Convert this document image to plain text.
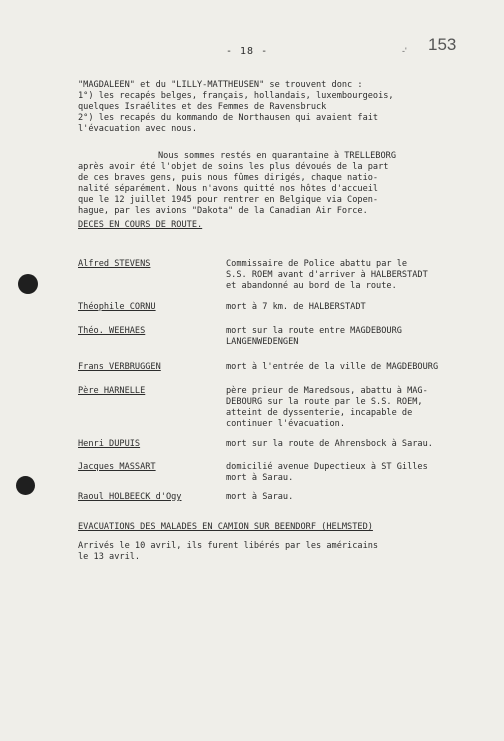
- 18 -	-' 153
"MAGDALEEN" et du "LILLY-MATTHEUSEN" se trouvent donc :
1°) les recapés belges, français, hollandais, luxembourgeois,
quelques Israélites et des Femmes de Ravensbruck
2°) les recapés du kommando de Northausen qui avaient fait
l'évacuation avec nous.
Nous sommes restés en quarantaine à TRELLEBORG
après avoir été l'objet de soins les plus dévoués de la part
de ces braves gens, puis nous fûmes dirigés, chaque natio-
nalité séparément. Nous n'avons quitté nos hôtes d'accueil
que le 12 juillet 1945 pour rentrer en Belgique via Copen-
hague, par les avions "Dakota" de la Canadian Air Force.
DECES EN COURS DE ROUTE.
Alfred STEVENS	Commissaire de Police abattu par le
S.S. ROEM avant d'arriver à HALBERSTADT
et abandonné au bord de la route.
Théophile CORNU	mort à 7 km. de HALBERSTADT
Théo. WEEHAES	mort sur la route entre MAGDEBOURG
LANGENWEDENGEN
Frans VERBRUGGEN	mort à l'entrée de la ville de MAGDEBOURG
Père HARNELLE	père prieur de Maredsous, abattu à MAG-
DEBOURG sur la route par le S.S. ROEM,
atteint de dyssenterie, incapable de
continuer l'évacuation.
Henri DUPUIS	mort sur la route de Ahrensbock à Sarau.
Jacques MASSART	domicilié avenue Dupectieux à ST Gilles
mort à Sarau.
Raoul HOLBEECK d'Ogy	mort à Sarau.
EVACUATIONS DES MALADES EN CAMION SUR BEENDORF (HELMSTED)
Arrivés le 10 avril, ils furent libérés par les américains
le 13 avril.
